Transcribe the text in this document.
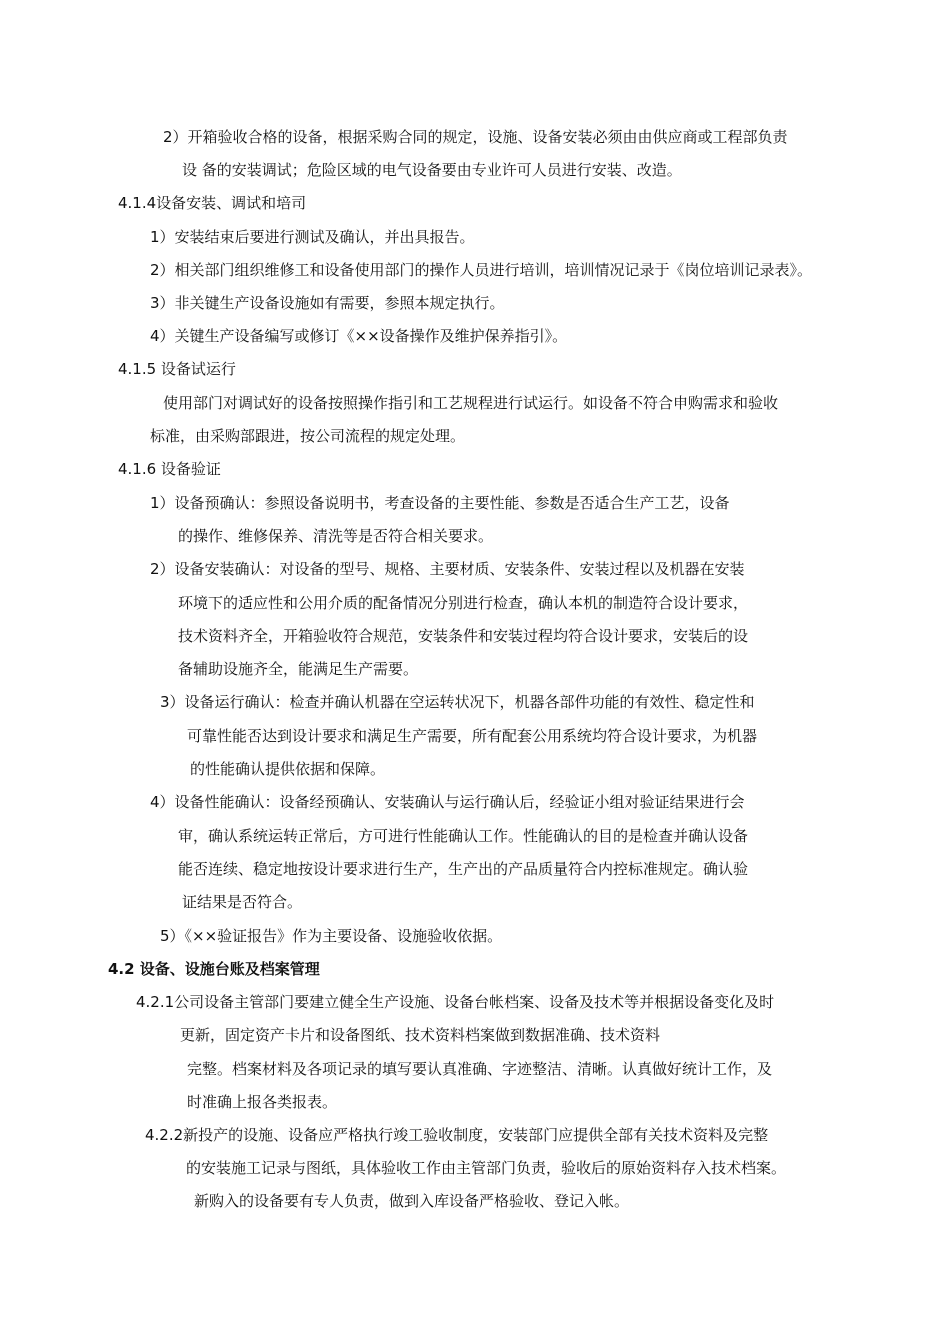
2）开箱验收合格的设备，根据采购合同的规定，设施、设备安装必须由由供应商或工程部负责
设 备的安装调试；危险区域的电气设备要由专业许可人员进行安装、改造。
4.1.4设备安装、调试和培司
1）安装结束后要进行测试及确认，并出具报告。
2）相关部门组织维修工和设备使用部门的操作人员进行培训，培训情况记录于《岗位培训记录表》。
3）非关键生产设备设施如有需要，参照本规定执行。
4）关键生产设备编写或修订《××设备操作及维护保养指引》。
4.1.5 设备试运行
使用部门对调试好的设备按照操作指引和工艺规程进行试运行。如设备不符合申购需求和验收
标准，由采购部跟进，按公司流程的规定处理。
4.1.6 设备验证
1）设备预确认：参照设备说明书，考查设备的主要性能、参数是否适合生产工艺，设备
的操作、维修保养、清洗等是否符合相关要求。
2）设备安装确认：对设备的型号、规格、主要材质、安装条件、安装过程以及机器在安装
环境下的适应性和公用介质的配备情况分别进行检查，确认本机的制造符合设计要求，
技术资料齐全，开箱验收符合规范，安装条件和安装过程均符合设计要求，安装后的设
备辅助设施齐全，能满足生产需要。
3）设备运行确认：检查并确认机器在空运转状况下，机器各部件功能的有效性、稳定性和
可靠性能否达到设计要求和满足生产需要，所有配套公用系统均符合设计要求，为机器
的性能确认提供依据和保障。
4）设备性能确认：设备经预确认、安装确认与运行确认后，经验证小组对验证结果进行会
审，确认系统运转正常后，方可进行性能确认工作。性能确认的目的是检查并确认设备
能否连续、稳定地按设计要求进行生产，生产出的产品质量符合内控标准规定。确认验
证结果是否符合。
5）《××验证报告》作为主要设备、设施验收依据。
4.2 设备、设施台账及档案管理
4.2.1公司设备主管部门要建立健全生产设施、设备台帐档案、设备及技术等并根据设备变化及时
更新，固定资产卡片和设备图纸、技术资料档案做到数据准确、技术资料
完整。档案材料及各项记录的填写要认真准确、字迹整洁、清晰。认真做好统计工作，及
时准确上报各类报表。
4.2.2新投产的设施、设备应严格执行竣工验收制度，安装部门应提供全部有关技术资料及完整
的安装施工记录与图纸，具体验收工作由主管部门负责，验收后的原始资料存入技术档案。
新购入的设备要有专人负责，做到入库设备严格验收、登记入帐。
